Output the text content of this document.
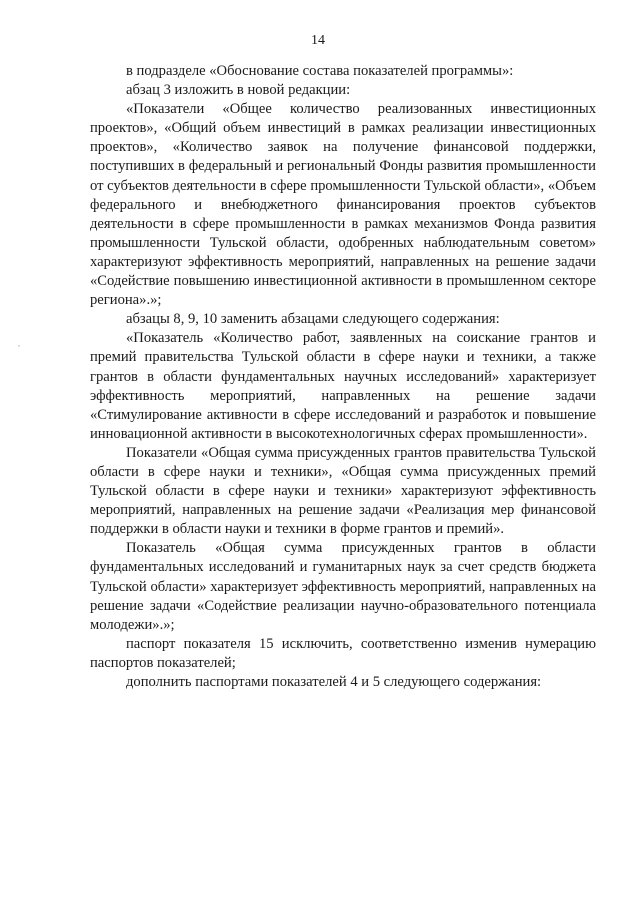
14

в подразделе «Обоснование состава показателей программы»:

абзац 3 изложить в новой редакции:

«Показатели «Общее количество реализованных инвестиционных проектов», «Общий объем инвестиций в рамках реализации инвестиционных проектов», «Количество заявок на получение финансовой поддержки, поступивших в федеральный и региональный Фонды развития промышленности от субъектов деятельности в сфере промышленности Тульской области», «Объем федерального и внебюджетного финансирования проектов субъектов деятельности в сфере промышленности в рамках механизмов Фонда развития промышленности Тульской области, одобренных наблюдательным советом» характеризуют эффективность мероприятий, направленных на решение задачи «Содействие повышению инвестиционной активности в промышленном секторе региона».»;

абзацы 8, 9, 10 заменить абзацами следующего содержания:

«Показатель «Количество работ, заявленных на соискание грантов и премий правительства Тульской области в сфере науки и техники, а также грантов в области фундаментальных научных исследований» характеризует эффективность мероприятий, направленных на решение задачи «Стимулирование активности в сфере исследований и разработок и повышение инновационной активности в высокотехнологичных сферах промышленности».

Показатели «Общая сумма присужденных грантов правительства Тульской области в сфере науки и техники», «Общая сумма присужденных премий Тульской области в сфере науки и техники» характеризуют эффективность мероприятий, направленных на решение задачи «Реализация мер финансовой поддержки в области науки и техники в форме грантов и премий».

Показатель «Общая сумма присужденных грантов в области фундаментальных исследований и гуманитарных наук за счет средств бюджета Тульской области» характеризует эффективность мероприятий, направленных на решение задачи «Содействие реализации научно-образовательного потенциала молодежи».»;

паспорт показателя 15 исключить, соответственно изменив нумерацию паспортов показателей;

дополнить паспортами показателей 4 и 5 следующего содержания:

,
